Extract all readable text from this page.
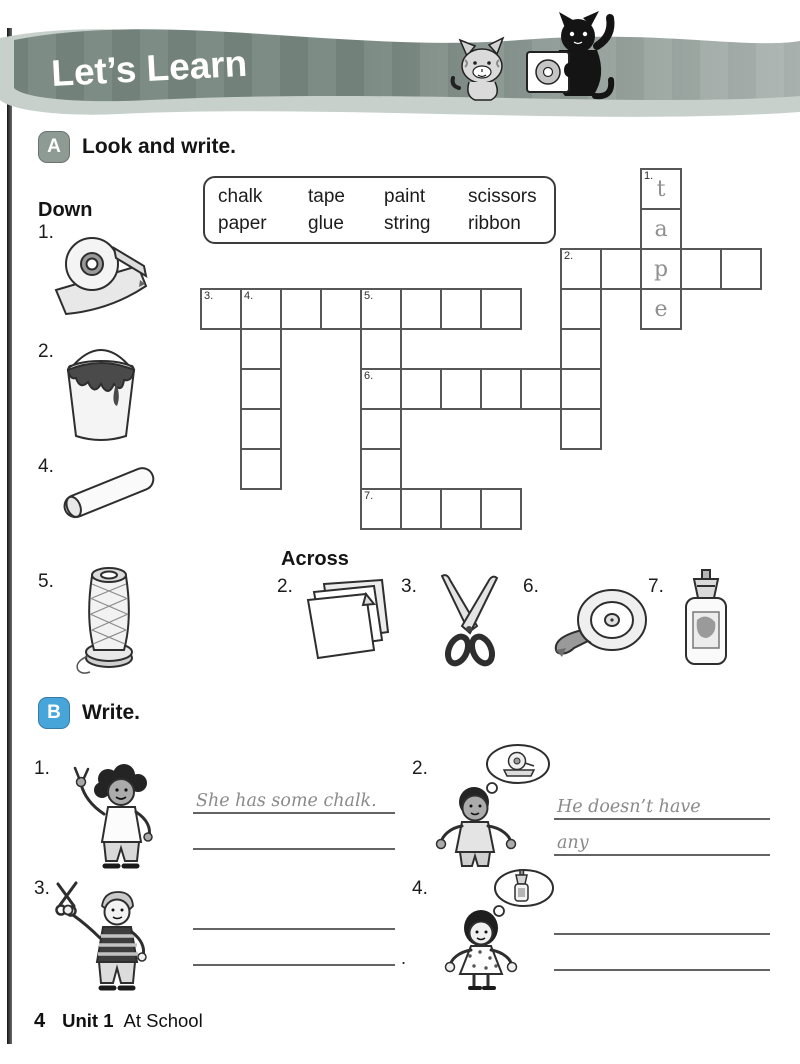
Let’s Learn
A	Look and write.
chalk	tape	paint	scissors
paper	glue	string	ribbon
Down
1.
2.
4.
5.
1.
2.
3.	4.	5.
6.
7.
t
a
p
e
Across
2.	3.	6.	7.
B	Write.
1.
She has some chalk.
2.
He doesn’t have
any
3.
.
4.
4 Unit 1 At School
